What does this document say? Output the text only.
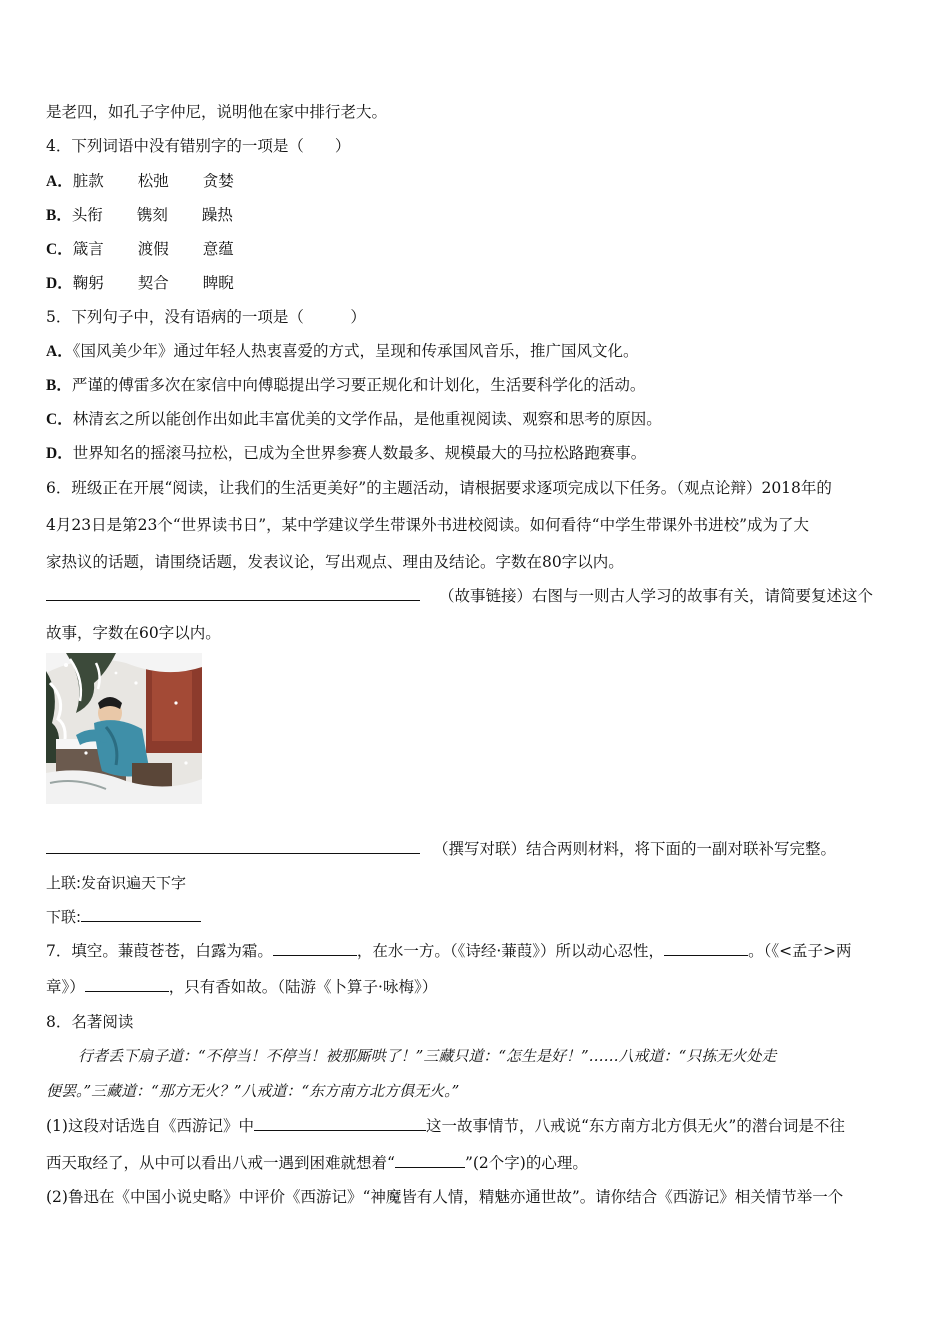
是老四，如孔子字仲尼，说明他在家中排行老大。
4．下列词语中没有错别字的一项是（　　）
A．脏款 松弛 贪婪
B．头衔 镌刻 躁热
C．箴言 渡假 意蕴
D．鞠躬 契合 睥睨
5．下列句子中，没有语病的一项是（　　　）
A．《国风美少年》通过年轻人热衷喜爱的方式，呈现和传承国风音乐，推广国风文化。
B．严谨的傅雷多次在家信中向傅聪提出学习要正规化和计划化，生活要科学化的活动。
C．林清玄之所以能创作出如此丰富优美的文学作品，是他重视阅读、观察和思考的原因。
D．世界知名的摇滚马拉松，已成为全世界参赛人数最多、规模最大的马拉松路跑赛事。
6．班级正在开展“阅读，让我们的生活更美好”的主题活动，请根据要求逐项完成以下任务。（观点论辩）2018年的
4月23日是第23个“世界读书日”，某中学建议学生带课外书进校阅读。如何看待“中学生带课外书进校”成为了大
家热议的话题，请围绕话题，发表议论，写出观点、理由及结论。字数在80字以内。
（故事链接）右图与一则古人学习的故事有关，请简要复述这个
故事，字数在60字以内。
（撰写对联）结合两则材料，将下面的一副对联补写完整。
上联:发奋识遍天下字
下联:
7．填空。蒹葭苍苍，白露为霜。	，在水一方。（《诗经·蒹葭》）所以动心忍性，	。（《<孟子>两
章》）	，只有香如故。（陆游《卜算子·咏梅》）
8．名著阅读
行者丢下扇子道：“不停当！不停当！被那厮哄了！”三藏只道：“怎生是好！”……八戒道：“只拣无火处走
便罢。”三藏道：“那方无火？”八戒道：“东方南方北方俱无火。”
(1)这段对话选自《西游记》中	这一故事情节，八戒说“东方南方北方俱无火”的潜台词是不往
西天取经了，从中可以看出八戒一遇到困难就想着“	”(2个字)的心理。
(2)鲁迅在《中国小说史略》中评价《西游记》“神魔皆有人情，精魅亦通世故”。请你结合《西游记》相关情节举一个
